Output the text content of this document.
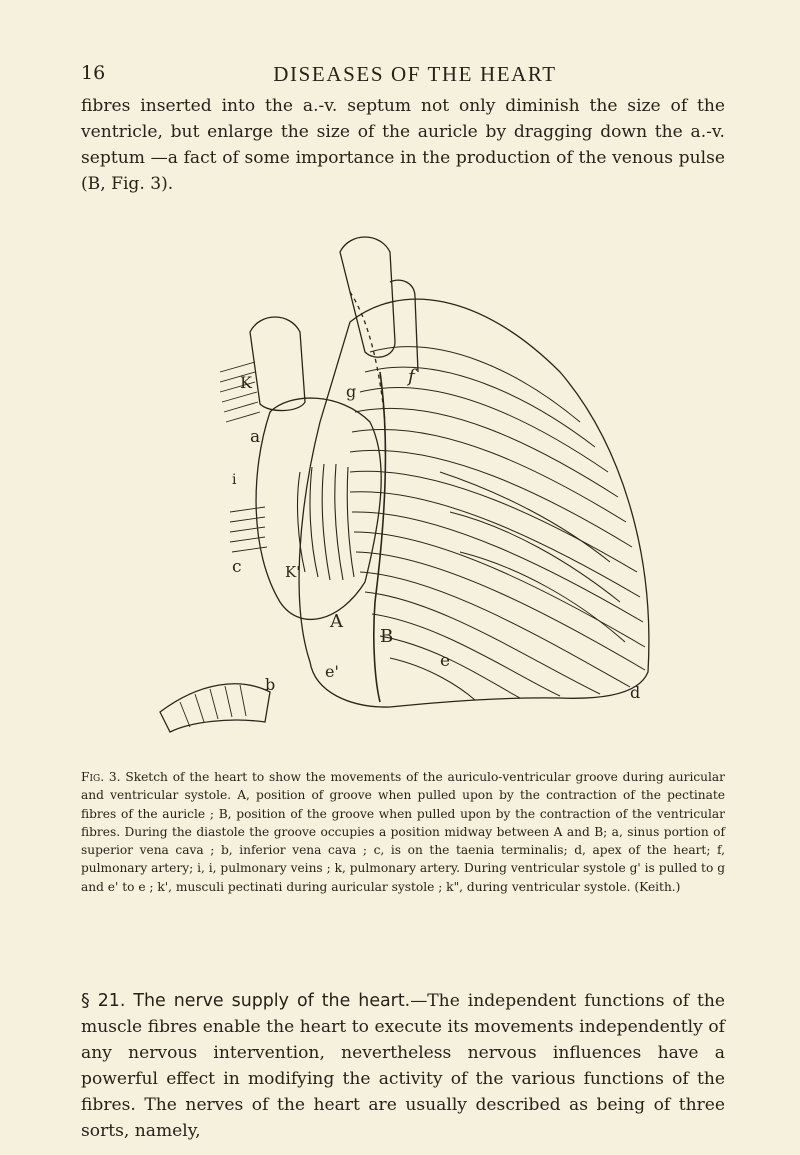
16	DISEASES OF THE HEART

fibres inserted into the a.-v. septum not only diminish the size of the ventricle, but enlarge the size of the auricle by dragging down the a.-v. septum —a fact of some importance in the production of the venous pulse (B, Fig. 3).

K
a
g
f
i
c	K'
A
B
e
e'
b	d

Fig. 3. Sketch of the heart to show the movements of the auriculo-ventricular groove during auricular and ventricular systole. A, position of groove when pulled upon by the contraction of the pectinate fibres of the auricle ; B, position of the groove when pulled upon by the contraction of the ventricular fibres. During the diastole the groove occupies a position midway between A and B; a, sinus portion of superior vena cava ; b, inferior vena cava ; c, is on the taenia terminalis; d, apex of the heart; f, pulmonary artery; i, i, pulmonary veins ; k, pulmonary artery. During ventricular systole g' is pulled to g and e' to e ; k', musculi pectinati during auricular systole ; k", during ventricular systole. (Keith.)

§ 21. The nerve supply of the heart.—The independent functions of the muscle fibres enable the heart to execute its movements independently of any nervous intervention, nevertheless nervous influences have a powerful effect in modifying the activity of the various functions of the fibres. The nerves of the heart are usually described as being of three sorts, namely,
